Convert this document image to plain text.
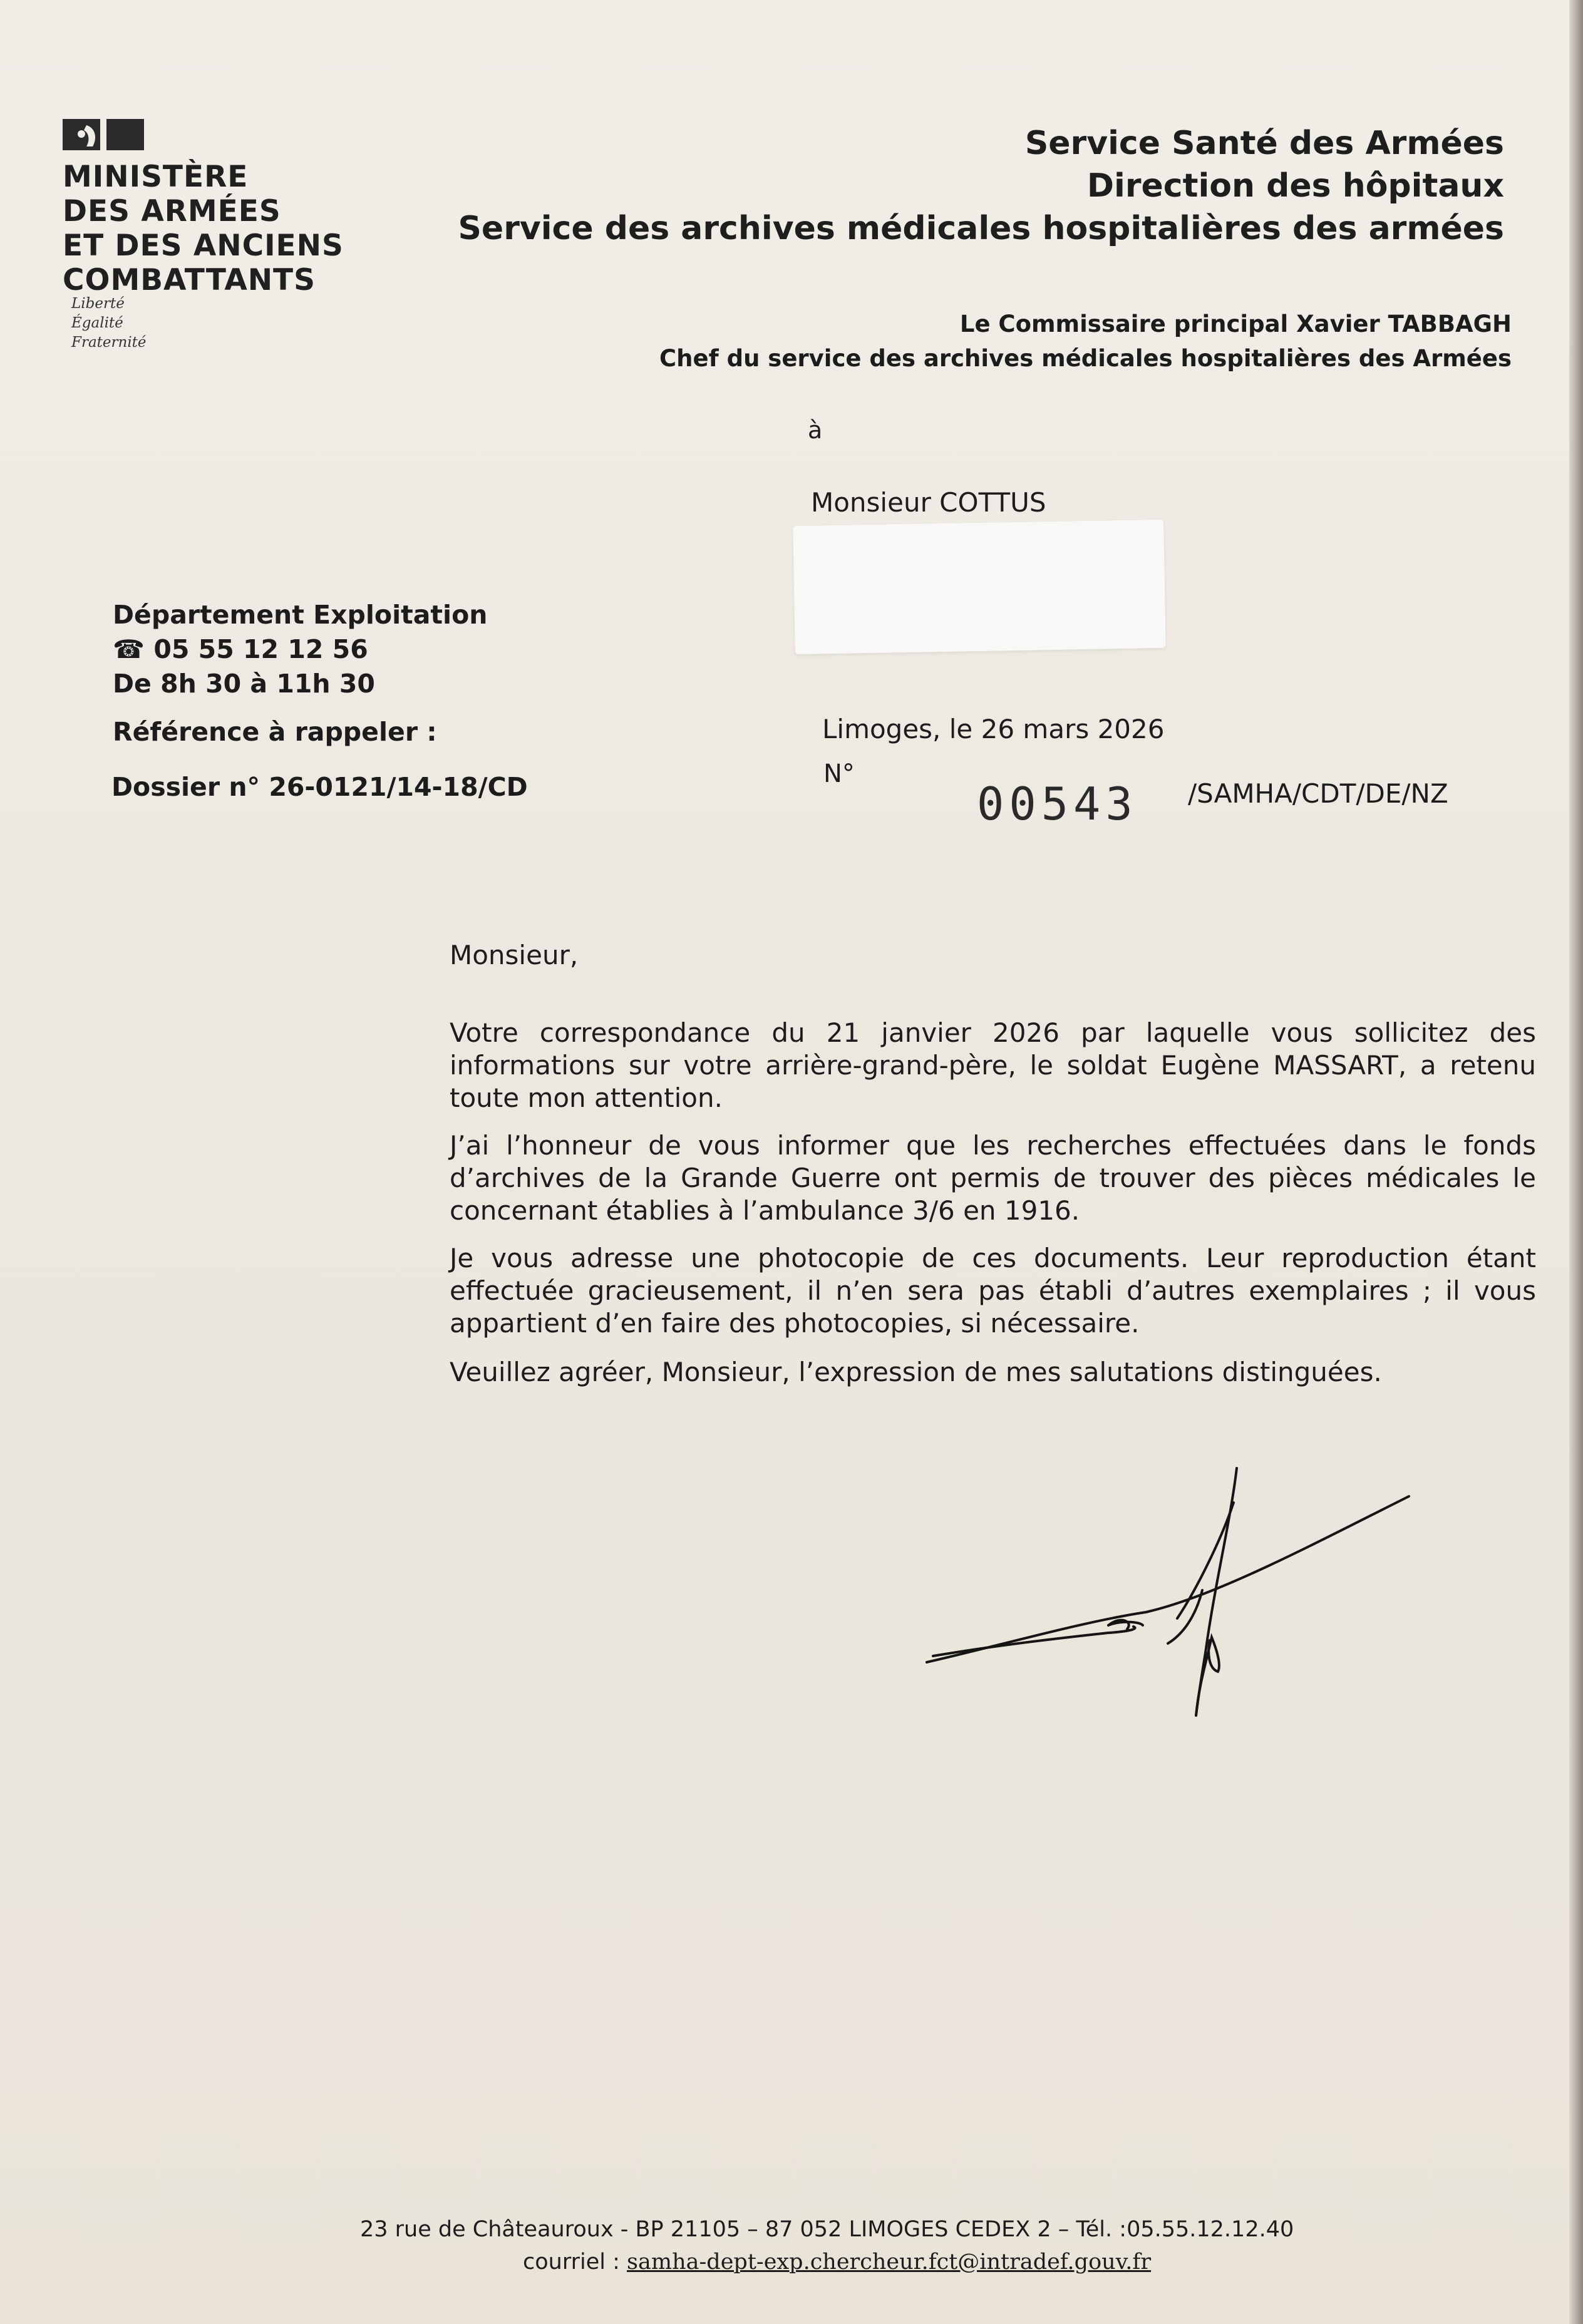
MINISTÈRE
DES ARMÉES
ET DES ANCIENS
COMBATTANTS
Liberté
Égalité
Fraternité
Service Santé des Armées
Direction des hôpitaux
Service des archives médicales hospitalières des armées
Le Commissaire principal Xavier TABBAGH
Chef du service des archives médicales hospitalières des Armées
à
Monsieur COTTUS
Département Exploitation
☎ 05 55 12 12 56
De 8h 30 à 11h 30
Référence à rappeler :
Dossier n° 26-0121/14-18/CD
Limoges, le 26 mars 2026
N°
00543 /SAMHA/CDT/DE/NZ
Monsieur,

Votre correspondance du 21 janvier 2026 par laquelle vous sollicitez des informations sur votre arrière-grand-père, le soldat Eugène MASSART, a retenu toute mon attention.

J’ai l’honneur de vous informer que les recherches effectuées dans le fonds d’archives de la Grande Guerre ont permis de trouver des pièces médicales le concernant établies à l’ambulance 3/6 en 1916.

Je vous adresse une photocopie de ces documents. Leur reproduction étant effectuée gracieusement, il n’en sera pas établi d’autres exemplaires ; il vous appartient d’en faire des photocopies, si nécessaire.

Veuillez agréer, Monsieur, l’expression de mes salutations distinguées.

23 rue de Châteauroux - BP 21105 – 87 052 LIMOGES CEDEX 2 – Tél. :05.55.12.12.40
courriel : samha-dept-exp.chercheur.fct@intradef.gouv.fr
